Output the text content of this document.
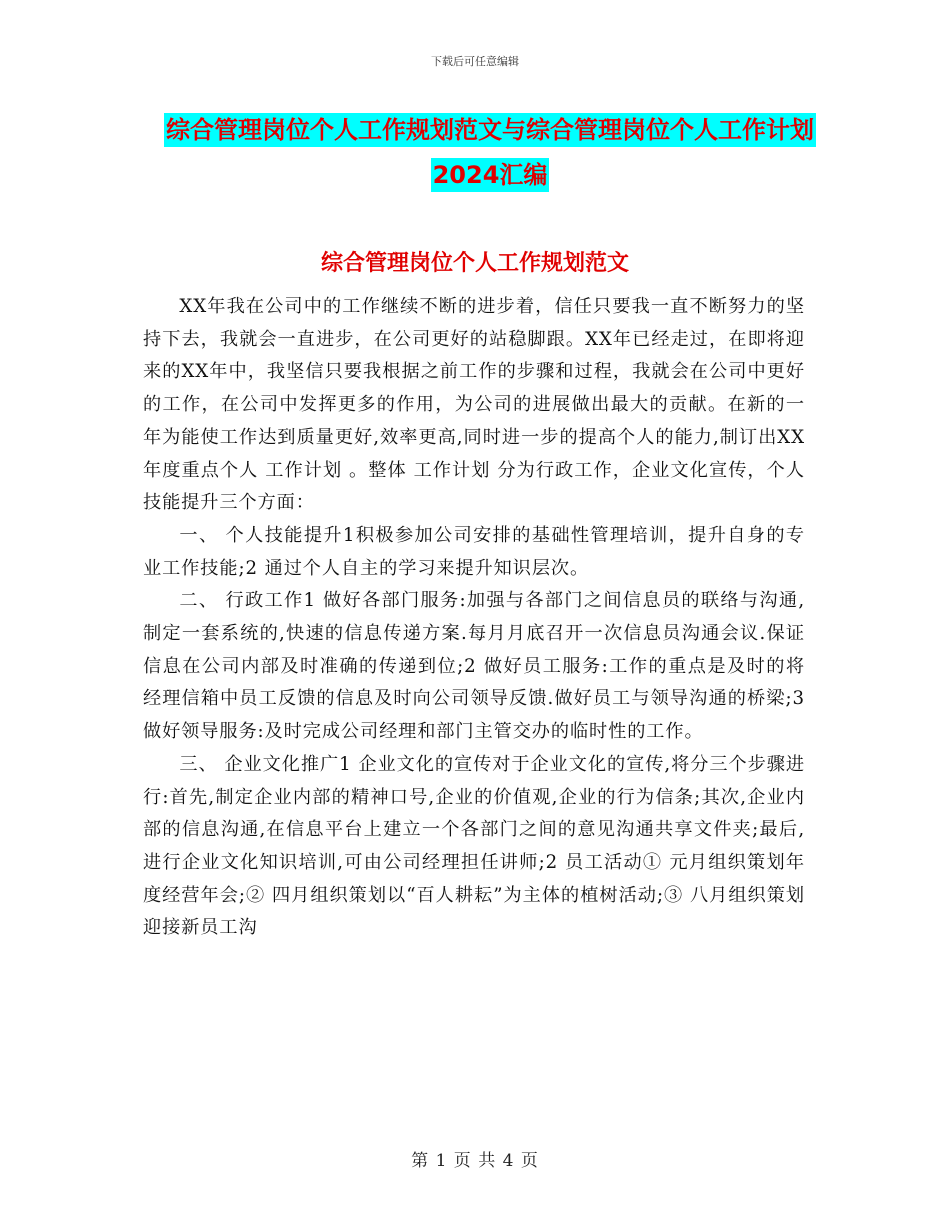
下载后可任意编辑
综合管理岗位个人工作规划范文与综合管理岗位个人工作计划2024汇编
综合管理岗位个人工作规划范文

XX年我在公司中的工作继续不断的进步着，信任只要我一直不断努力的坚持下去，我就会一直进步，在公司更好的站稳脚跟。XX年已经走过，在即将迎来的XX年中，我坚信只要我根据之前工作的步骤和过程，我就会在公司中更好的工作，在公司中发挥更多的作用，为公司的进展做出最大的贡献。在新的一年为能使工作达到质量更好,效率更高,同时进一步的提高个人的能力,制订出XX年度重点个人 工作计划 。整体 工作计划 分为行政工作，企业文化宣传，个人技能提升三个方面：

一、 个人技能提升1积极参加公司安排的基础性管理培训，提升自身的专业工作技能;2 通过个人自主的学习来提升知识层次。

二、 行政工作1 做好各部门服务:加强与各部门之间信息员的联络与沟通,制定一套系统的,快速的信息传递方案.每月月底召开一次信息员沟通会议.保证信息在公司内部及时准确的传递到位;2 做好员工服务:工作的重点是及时的将经理信箱中员工反馈的信息及时向公司领导反馈.做好员工与领导沟通的桥梁;3 做好领导服务:及时完成公司经理和部门主管交办的临时性的工作。

三、 企业文化推广1 企业文化的宣传对于企业文化的宣传,将分三个步骤进行:首先,制定企业内部的精神口号,企业的价值观,企业的行为信条;其次,企业内部的信息沟通,在信息平台上建立一个各部门之间的意见沟通共享文件夹;最后,进行企业文化知识培训,可由公司经理担任讲师;2 员工活动① 元月组织策划年度经营年会;② 四月组织策划以“百人耕耘”为主体的植树活动;③ 八月组织策划迎接新员工沟

第 1 页 共 4 页
